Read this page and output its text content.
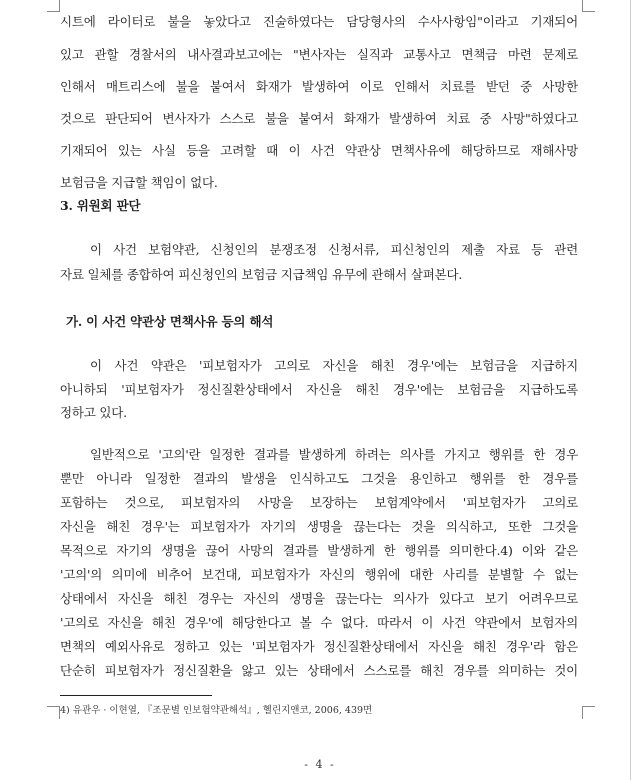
시트에 라이터로 불을 놓았다고 진술하였다는 담당형사의 수사사항임"이라고 기재되어
있고 관할 경찰서의 내사결과보고에는 "변사자는 실직과 교통사고 면책금 마련 문제로
인해서 매트리스에 불을 붙여서 화재가 발생하여 이로 인해서 치료를 받던 중 사망한
것으로 판단되어 변사자가 스스로 불을 붙여서 화재가 발생하여 치료 중 사망"하였다고
기재되어 있는 사실 등을 고려할 때 이 사건 약관상 면책사유에 해당하므로 재해사망
보험금을 지급할 책임이 없다.
3. 위원회 판단
이 사건 보험약관, 신청인의 분쟁조정 신청서류, 피신청인의 제출 자료 등 관련
자료 일체를 종합하여 피신청인의 보험금 지급책임 유무에 관해서 살펴본다.
가. 이 사건 약관상 면책사유 등의 해석
이 사건 약관은 '피보험자가 고의로 자신을 해친 경우'에는 보험금을 지급하지
아니하되 '피보험자가 정신질환상태에서 자신을 해친 경우'에는 보험금을 지급하도록
정하고 있다.
일반적으로 '고의'란 일정한 결과를 발생하게 하려는 의사를 가지고 행위를 한 경우
뿐만 아니라 일정한 결과의 발생을 인식하고도 그것을 용인하고 행위를 한 경우를
포함하는 것으로, 피보험자의 사망을 보장하는 보험계약에서 '피보험자가 고의로
자신을 해친 경우'는 피보험자가 자기의 생명을 끊는다는 것을 의식하고, 또한 그것을
목적으로 자기의 생명을 끊어 사망의 결과를 발생하게 한 행위를 의미한다.4) 이와 같은
'고의'의 의미에 비추어 보건대, 피보험자가 자신의 행위에 대한 사리를 분별할 수 없는
상태에서 자신을 해친 경우는 자신의 생명을 끊는다는 의사가 있다고 보기 어려우므로
'고의로 자신을 해친 경우'에 해당한다고 볼 수 없다. 따라서 이 사건 약관에서 보험자의
면책의 예외사유로 정하고 있는 '피보험자가 정신질환상태에서 자신을 해친 경우'라 함은
단순히 피보험자가 정신질환을 앓고 있는 상태에서 스스로를 해친 경우를 의미하는 것이
4) 유관우 · 이현열, 『조문별 인보험약관해석』, 헬린지앤코, 2006, 439면
- 4 -
